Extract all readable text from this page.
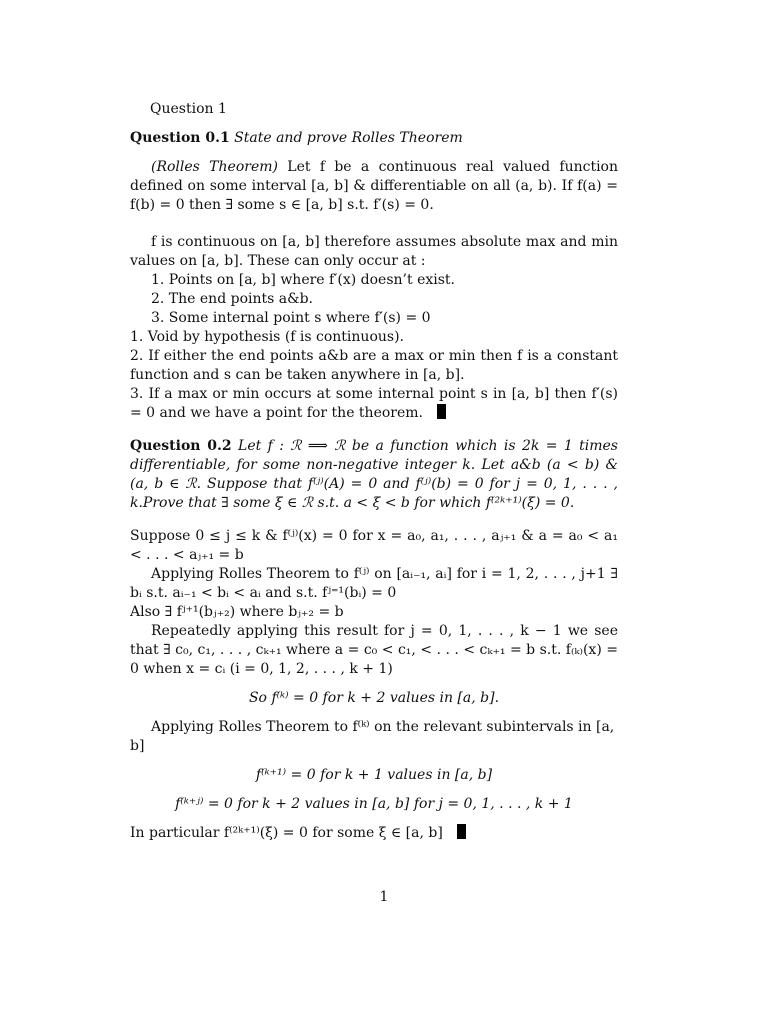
Question 1

Question 0.1 State and prove Rolles Theorem

(Rolles Theorem) Let f be a continuous real valued function defined on some interval [a, b] & differentiable on all (a, b). If f(a) = f(b) = 0 then ∃ some s ∈ [a, b] s.t. f′(s) = 0.

f is continuous on [a, b] therefore assumes absolute max and min values on [a, b]. These can only occur at :

1. Points on [a, b] where f′(x) doesn’t exist.

2. The end points a&b.

3. Some internal point s where f′(s) = 0

1. Void by hypothesis (f is continuous).

2. If either the end points a&b are a max or min then f is a constant function and s can be taken anywhere in [a, b].

3. If a max or min occurs at some internal point s in [a, b] then f′(s) = 0 and we have a point for the theorem.

Question 0.2 Let f : ℛ ⟹ ℛ be a function which is 2k = 1 times differentiable, for some non-negative integer k. Let a&b (a < b) & (a, b ∈ ℛ. Suppose that f⁽ʲ⁾(A) = 0 and f⁽ʲ⁾(b) = 0 for j = 0, 1, . . . , k.Prove that ∃ some ξ ∈ ℛ s.t. a < ξ < b for which f⁽²ᵏ⁺¹⁾(ξ) = 0.

Suppose 0 ≤ j ≤ k & f⁽ʲ⁾(x) = 0 for x = a₀, a₁, . . . , aⱼ₊₁ & a = a₀ < a₁ < . . . < aⱼ₊₁ = b

Applying Rolles Theorem to f⁽ʲ⁾ on [aᵢ₋₁, aᵢ] for i = 1, 2, . . . , j+1 ∃ bᵢ s.t. aᵢ₋₁ < bᵢ < aᵢ and s.t. fʲ⁼¹(bᵢ) = 0

Also ∃ fʲ⁺¹(bⱼ₊₂) where bⱼ₊₂ = b

Repeatedly applying this result for j = 0, 1, . . . , k − 1 we see that ∃ c₀, c₁, . . . , cₖ₊₁ where a = c₀ < c₁, < . . . < cₖ₊₁ = b s.t. f₍ₖ₎(x) = 0 when x = cᵢ (i = 0, 1, 2, . . . , k + 1)

So f⁽ᵏ⁾ = 0 for k + 2 values in [a, b].

Applying Rolles Theorem to f⁽ᵏ⁾ on the relevant subintervals in [a, b]

f⁽ᵏ⁺¹⁾ = 0 for k + 1 values in [a, b]

f⁽ᵏ⁺ʲ⁾ = 0 for k + 2 values in [a, b] for j = 0, 1, . . . , k + 1

In particular f⁽²ᵏ⁺¹⁾(ξ) = 0 for some ξ ∈ [a, b]

1
